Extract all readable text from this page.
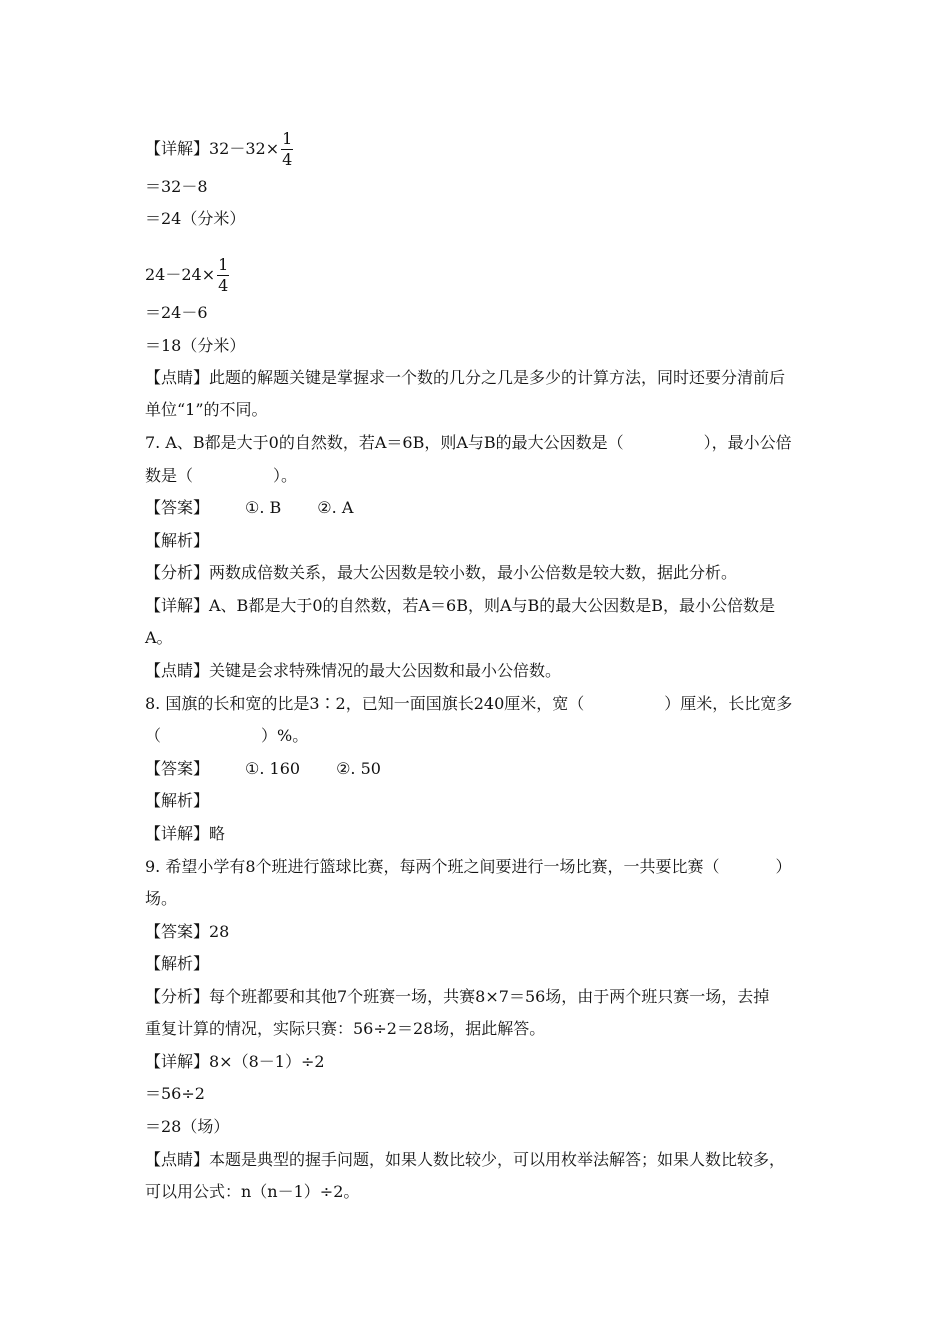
【详解】$32-32\times \frac{1}{4}$
＝32－8
＝24（分米）
$24-24\times \frac{1}{4}$
＝24－6
＝18（分米）
【点睛】此题的解题关键是掌握求一个数的几分之几是多少的计算方法，同时还要分清前后
单位“1”的不同。
7. A、B都是大于0的自然数，若A＝6B，则A与B的最大公因数是（	），最小公倍
数是（	）。
【答案】 ①. B ②. A
【解析】
【分析】两数成倍数关系，最大公因数是较小数，最小公倍数是较大数，据此分析。
【详解】A、B都是大于0的自然数，若A＝6B，则A与B的最大公因数是B，最小公倍数是
A。
【点睛】关键是会求特殊情况的最大公因数和最小公倍数。
8. 国旗的长和宽的比是3∶2，已知一面国旗长240厘米，宽（	）厘米，长比宽多
（	）%。
【答案】 ①. 160 ②. 50
【解析】
【详解】略
9. 希望小学有8个班进行篮球比赛，每两个班之间要进行一场比赛，一共要比赛（	）
场。
【答案】28
【解析】
【分析】每个班都要和其他7个班赛一场，共赛8×7＝56场，由于两个班只赛一场，去掉
重复计算的情况，实际只赛：56÷2＝28场，据此解答。
【详解】8×（8－1）÷2
＝56÷2
＝28（场）
【点睛】本题是典型的握手问题，如果人数比较少，可以用枚举法解答；如果人数比较多，
可以用公式：n（n－1）÷2。
